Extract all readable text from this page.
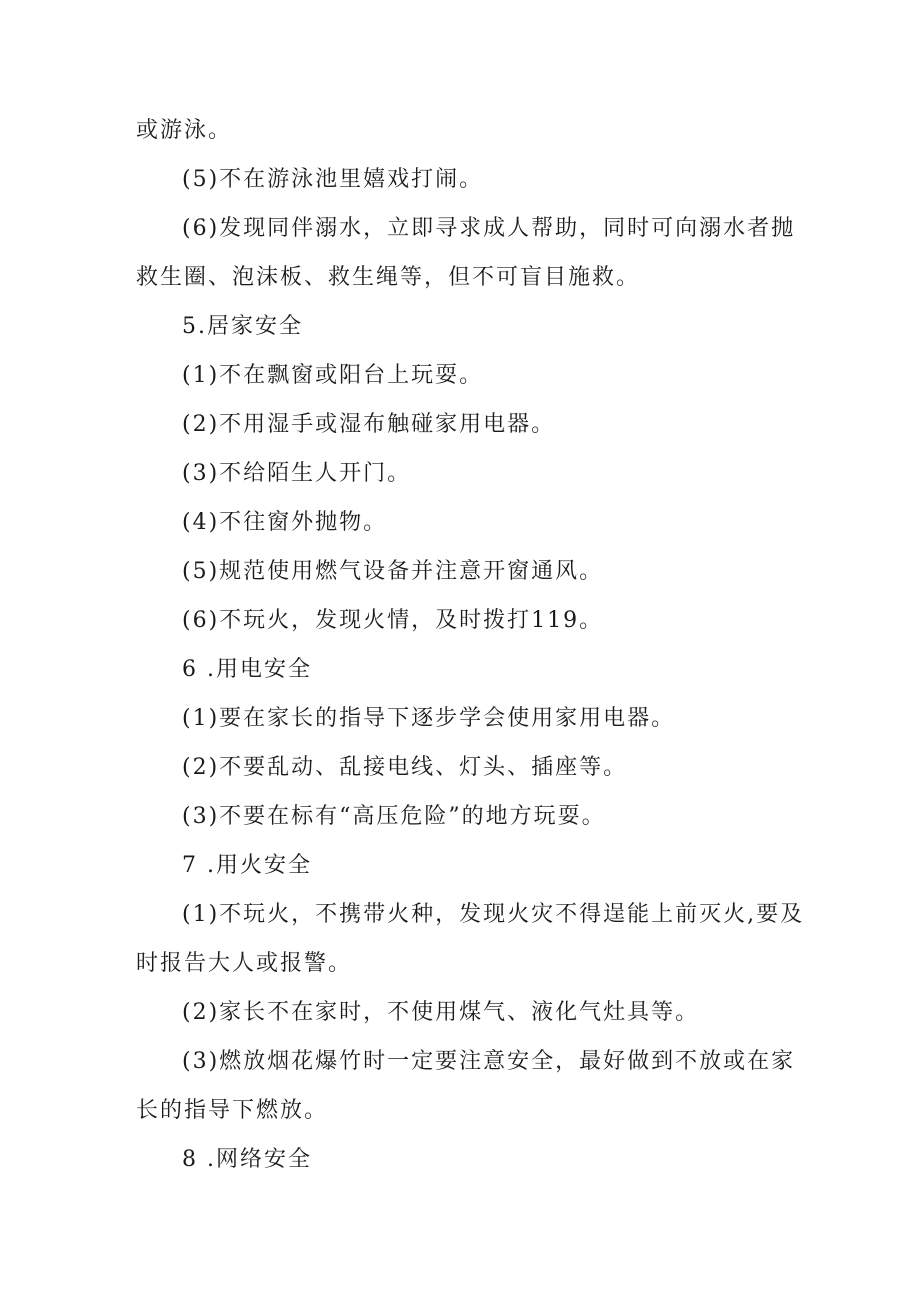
或游泳。
(5)不在游泳池里嬉戏打闹。
(6)发现同伴溺水，立即寻求成人帮助，同时可向溺水者抛
救生圈、泡沫板、救生绳等，但不可盲目施救。
5.居家安全
(1)不在飘窗或阳台上玩耍。
(2)不用湿手或湿布触碰家用电器。
(3)不给陌生人开门。
(4)不往窗外抛物。
(5)规范使用燃气设备并注意开窗通风。
(6)不玩火，发现火情，及时拨打119。
6 .用电安全
(1)要在家长的指导下逐步学会使用家用电器。
(2)不要乱动、乱接电线、灯头、插座等。
(3)不要在标有“高压危险”的地方玩耍。
7 .用火安全
(1)不玩火，不携带火种，发现火灾不得逞能上前灭火,要及
时报告大人或报警。
(2)家长不在家时，不使用煤气、液化气灶具等。
(3)燃放烟花爆竹时一定要注意安全，最好做到不放或在家
长的指导下燃放。
8 .网络安全
